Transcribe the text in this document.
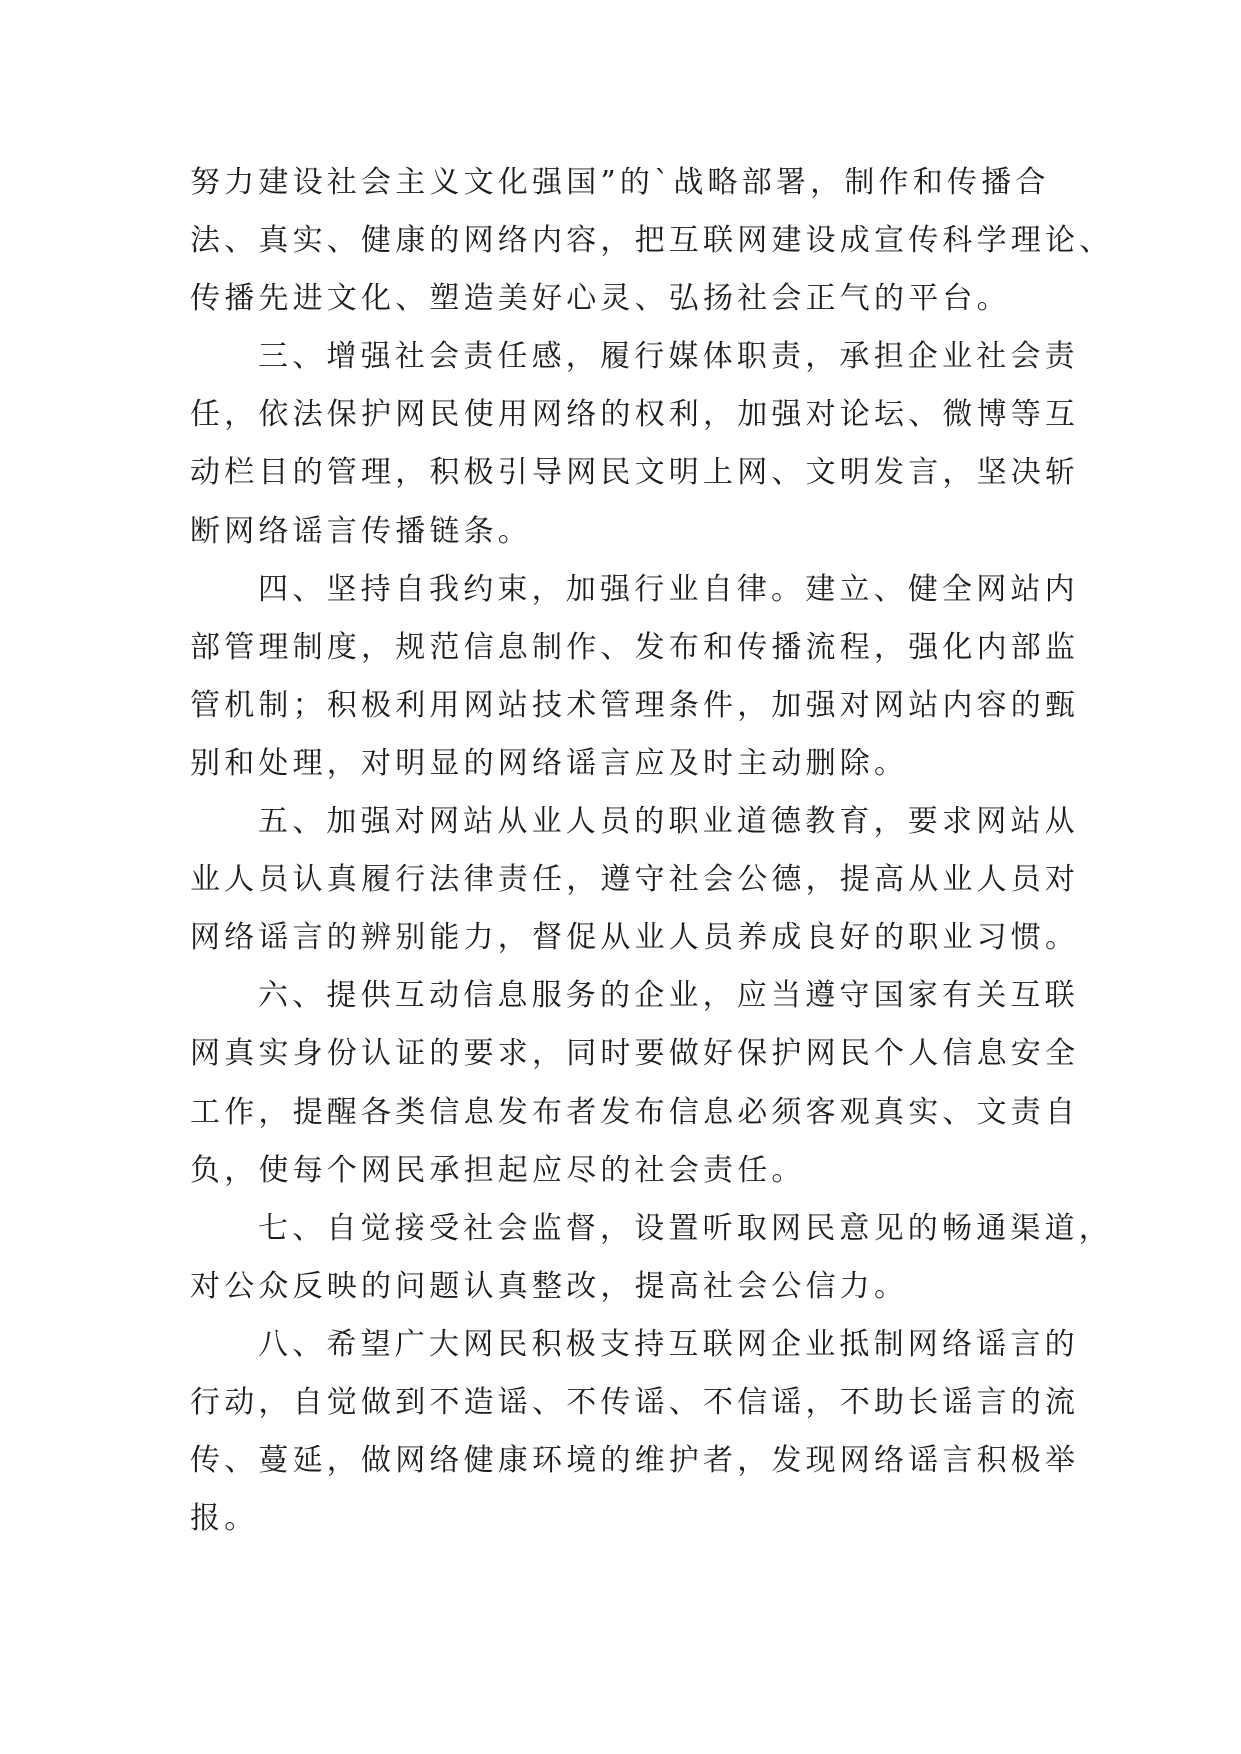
努力建设社会主义文化强国”的`战略部署，制作和传播合
法、真实、健康的网络内容，把互联网建设成宣传科学理论、
传播先进文化、塑造美好心灵、弘扬社会正气的平台。
三、增强社会责任感，履行媒体职责，承担企业社会责
任，依法保护网民使用网络的权利，加强对论坛、微博等互
动栏目的管理，积极引导网民文明上网、文明发言，坚决斩
断网络谣言传播链条。
四、坚持自我约束，加强行业自律。建立、健全网站内
部管理制度，规范信息制作、发布和传播流程，强化内部监
管机制；积极利用网站技术管理条件，加强对网站内容的甄
别和处理，对明显的网络谣言应及时主动删除。
五、加强对网站从业人员的职业道德教育，要求网站从
业人员认真履行法律责任，遵守社会公德，提高从业人员对
网络谣言的辨别能力，督促从业人员养成良好的职业习惯。
六、提供互动信息服务的企业，应当遵守国家有关互联
网真实身份认证的要求，同时要做好保护网民个人信息安全
工作，提醒各类信息发布者发布信息必须客观真实、文责自
负，使每个网民承担起应尽的社会责任。
七、自觉接受社会监督，设置听取网民意见的畅通渠道，
对公众反映的问题认真整改，提高社会公信力。
八、希望广大网民积极支持互联网企业抵制网络谣言的
行动，自觉做到不造谣、不传谣、不信谣，不助长谣言的流
传、蔓延，做网络健康环境的维护者，发现网络谣言积极举
报。
